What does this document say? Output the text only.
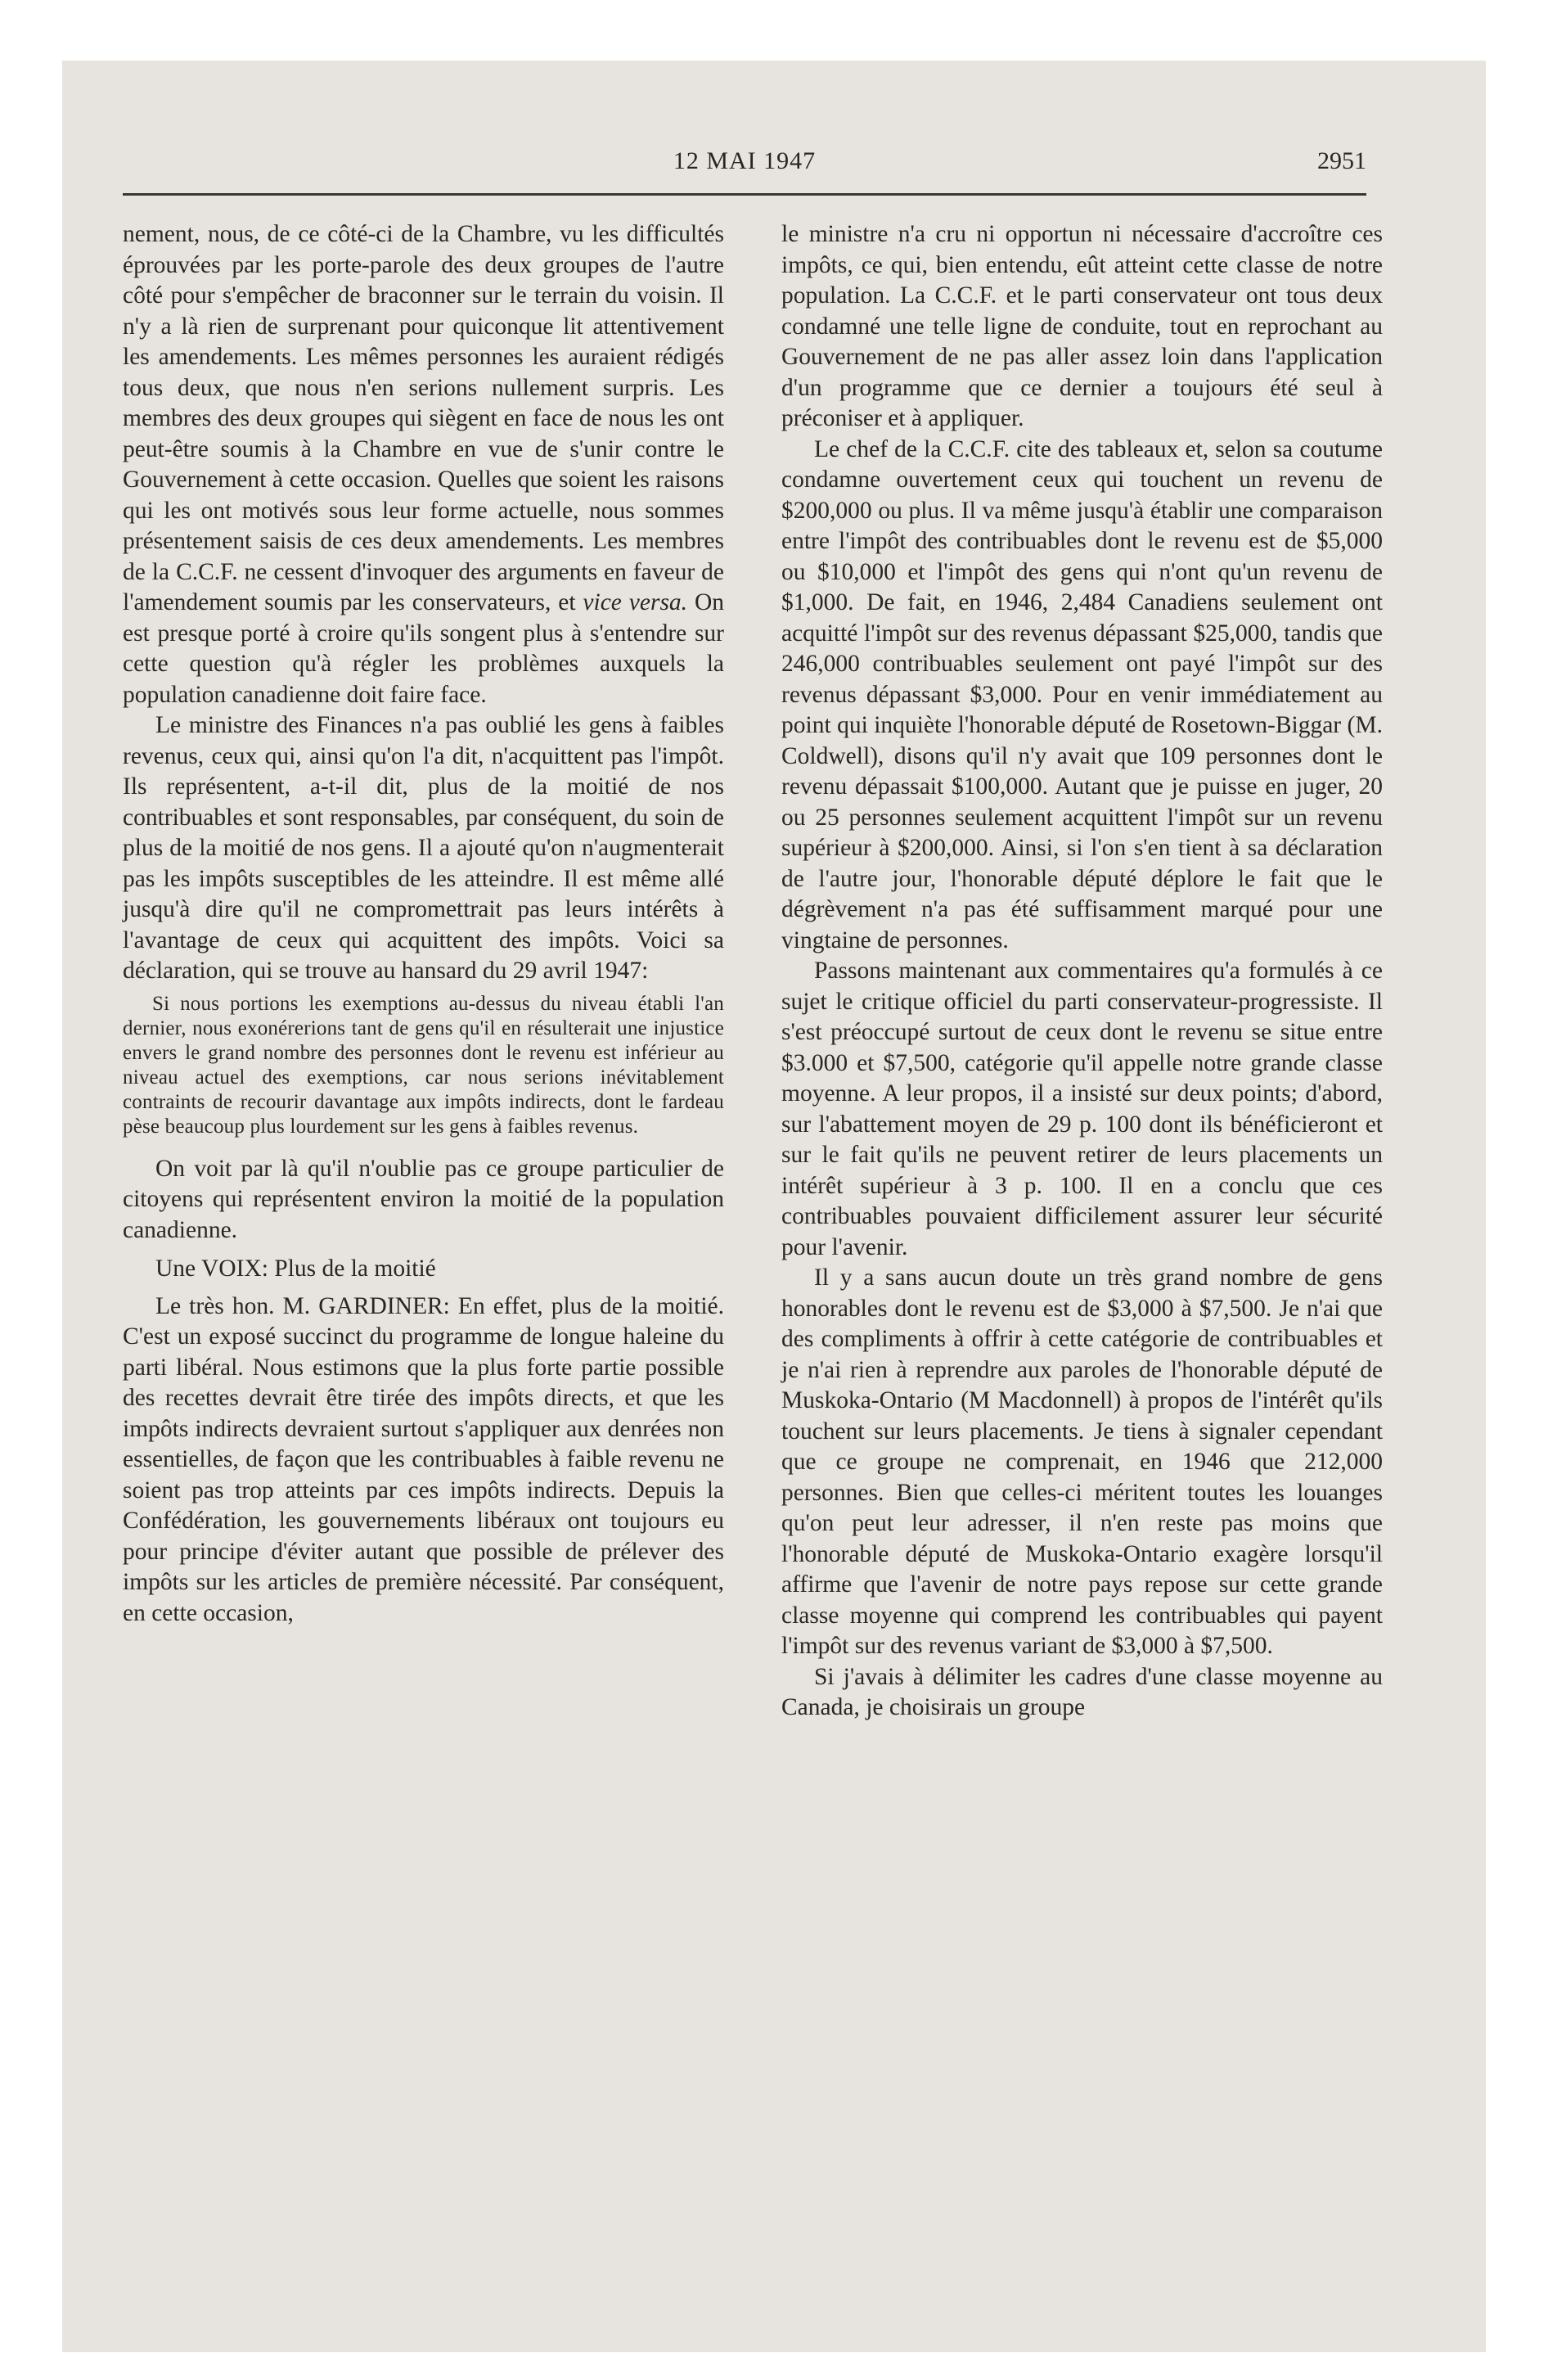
12 MAI 1947	2951

nement, nous, de ce côté-ci de la Chambre, vu les difficultés éprouvées par les porte-parole des deux groupes de l'autre côté pour s'empêcher de braconner sur le terrain du voisin. Il n'y a là rien de surprenant pour quiconque lit attentivement les amendements. Les mêmes personnes les auraient rédigés tous deux, que nous n'en serions nullement surpris. Les membres des deux groupes qui siègent en face de nous les ont peut-être soumis à la Chambre en vue de s'unir contre le Gouvernement à cette occasion. Quelles que soient les raisons qui les ont motivés sous leur forme actuelle, nous sommes présentement saisis de ces deux amendements. Les membres de la C.C.F. ne cessent d'invoquer des arguments en faveur de l'amendement soumis par les conservateurs, et vice versa. On est presque porté à croire qu'ils songent plus à s'entendre sur cette question qu'à régler les problèmes auxquels la population canadienne doit faire face.

Le ministre des Finances n'a pas oublié les gens à faibles revenus, ceux qui, ainsi qu'on l'a dit, n'acquittent pas l'impôt. Ils représentent, a-t-il dit, plus de la moitié de nos contribuables et sont responsables, par conséquent, du soin de plus de la moitié de nos gens. Il a ajouté qu'on n'augmenterait pas les impôts susceptibles de les atteindre. Il est même allé jusqu'à dire qu'il ne compromettrait pas leurs intérêts à l'avantage de ceux qui acquittent des impôts. Voici sa déclaration, qui se trouve au hansard du 29 avril 1947:

Si nous portions les exemptions au-dessus du niveau établi l'an dernier, nous exonérerions tant de gens qu'il en résulterait une injustice envers le grand nombre des personnes dont le revenu est inférieur au niveau actuel des exemptions, car nous serions inévitablement contraints de recourir davantage aux impôts indirects, dont le fardeau pèse beaucoup plus lourdement sur les gens à faibles revenus.

On voit par là qu'il n'oublie pas ce groupe particulier de citoyens qui représentent environ la moitié de la population canadienne.

Une VOIX: Plus de la moitié

Le très hon. M. GARDINER: En effet, plus de la moitié. C'est un exposé succinct du programme de longue haleine du parti libéral. Nous estimons que la plus forte partie possible des recettes devrait être tirée des impôts directs, et que les impôts indirects devraient surtout s'appliquer aux denrées non essentielles, de façon que les contribuables à faible revenu ne soient pas trop atteints par ces impôts indirects. Depuis la Confédération, les gouvernements libéraux ont toujours eu pour principe d'éviter autant que possible de prélever des impôts sur les articles de première nécessité. Par conséquent, en cette occasion,

le ministre n'a cru ni opportun ni nécessaire d'accroître ces impôts, ce qui, bien entendu, eût atteint cette classe de notre population. La C.C.F. et le parti conservateur ont tous deux condamné une telle ligne de conduite, tout en reprochant au Gouvernement de ne pas aller assez loin dans l'application d'un programme que ce dernier a toujours été seul à préconiser et à appliquer.

Le chef de la C.C.F. cite des tableaux et, selon sa coutume condamne ouvertement ceux qui touchent un revenu de $200,000 ou plus. Il va même jusqu'à établir une comparaison entre l'impôt des contribuables dont le revenu est de $5,000 ou $10,000 et l'impôt des gens qui n'ont qu'un revenu de $1,000. De fait, en 1946, 2,484 Canadiens seulement ont acquitté l'impôt sur des revenus dépassant $25,000, tandis que 246,000 contribuables seulement ont payé l'impôt sur des revenus dépassant $3,000. Pour en venir immédiatement au point qui inquiète l'honorable député de Rosetown-Biggar (M. Coldwell), disons qu'il n'y avait que 109 personnes dont le revenu dépassait $100,000. Autant que je puisse en juger, 20 ou 25 personnes seulement acquittent l'impôt sur un revenu supérieur à $200,000. Ainsi, si l'on s'en tient à sa déclaration de l'autre jour, l'honorable député déplore le fait que le dégrèvement n'a pas été suffisamment marqué pour une vingtaine de personnes.

Passons maintenant aux commentaires qu'a formulés à ce sujet le critique officiel du parti conservateur-progressiste. Il s'est préoccupé surtout de ceux dont le revenu se situe entre $3.000 et $7,500, catégorie qu'il appelle notre grande classe moyenne. A leur propos, il a insisté sur deux points; d'abord, sur l'abattement moyen de 29 p. 100 dont ils bénéficieront et sur le fait qu'ils ne peuvent retirer de leurs placements un intérêt supérieur à 3 p. 100. Il en a conclu que ces contribuables pouvaient difficilement assurer leur sécurité pour l'avenir.

Il y a sans aucun doute un très grand nombre de gens honorables dont le revenu est de $3,000 à $7,500. Je n'ai que des compliments à offrir à cette catégorie de contribuables et je n'ai rien à reprendre aux paroles de l'honorable député de Muskoka-Ontario (M Macdonnell) à propos de l'intérêt qu'ils touchent sur leurs placements. Je tiens à signaler cependant que ce groupe ne comprenait, en 1946 que 212,000 personnes. Bien que celles-ci méritent toutes les louanges qu'on peut leur adresser, il n'en reste pas moins que l'honorable député de Muskoka-Ontario exagère lorsqu'il affirme que l'avenir de notre pays repose sur cette grande classe moyenne qui comprend les contribuables qui payent l'impôt sur des revenus variant de $3,000 à $7,500.

Si j'avais à délimiter les cadres d'une classe moyenne au Canada, je choisirais un groupe
